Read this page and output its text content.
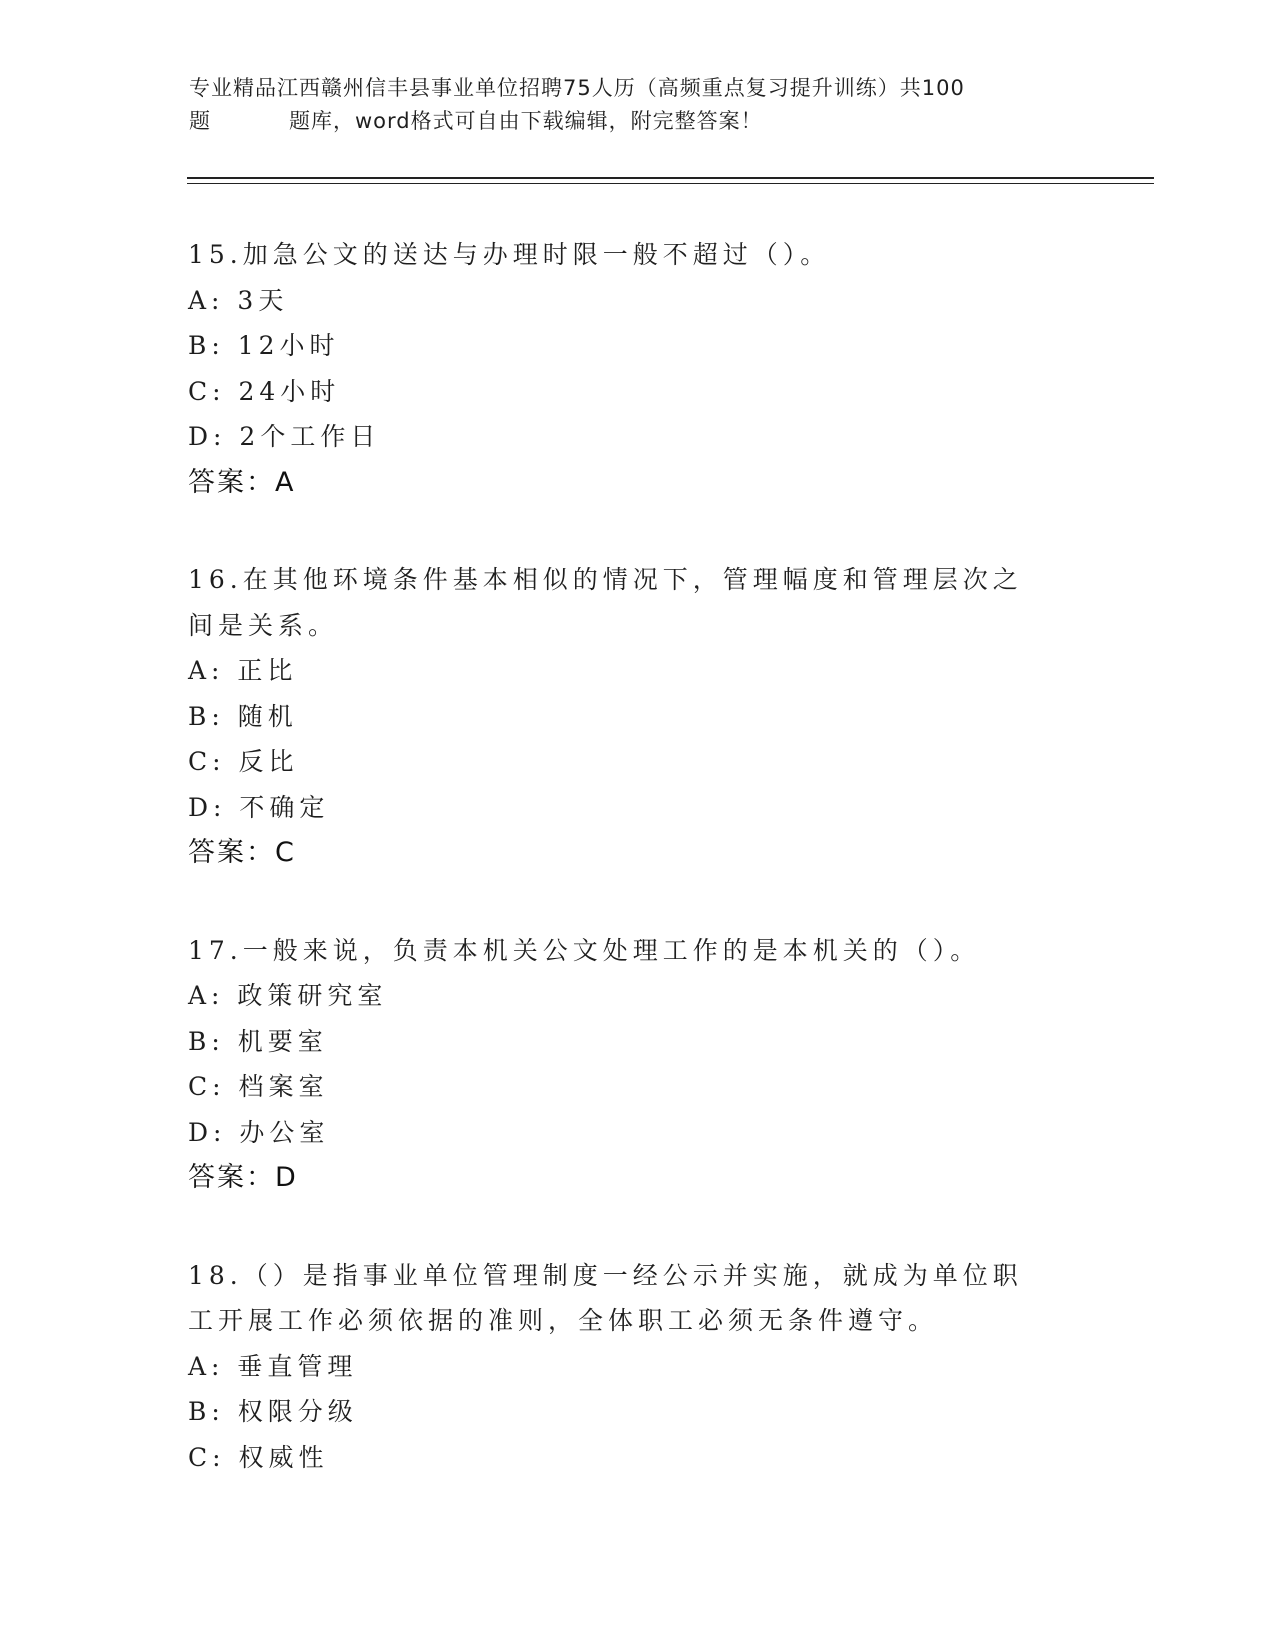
专业精品江西赣州信丰县事业单位招聘75人历（高频重点复习提升训练）共100
题	题库，word格式可自由下载编辑，附完整答案！
15.加急公文的送达与办理时限一般不超过（）。
A: 3天
B: 12小时
C: 24小时
D: 2个工作日
答案：A
16.在其他环境条件基本相似的情况下，管理幅度和管理层次之间是关系。
A: 正比
B: 随机
C: 反比
D: 不确定
答案：C
17.一般来说，负责本机关公文处理工作的是本机关的（）。
A: 政策研究室
B: 机要室
C: 档案室
D: 办公室
答案：D
18.（）是指事业单位管理制度一经公示并实施，就成为单位职工开展工作必须依据的准则，全体职工必须无条件遵守。
A: 垂直管理
B: 权限分级
C: 权威性
